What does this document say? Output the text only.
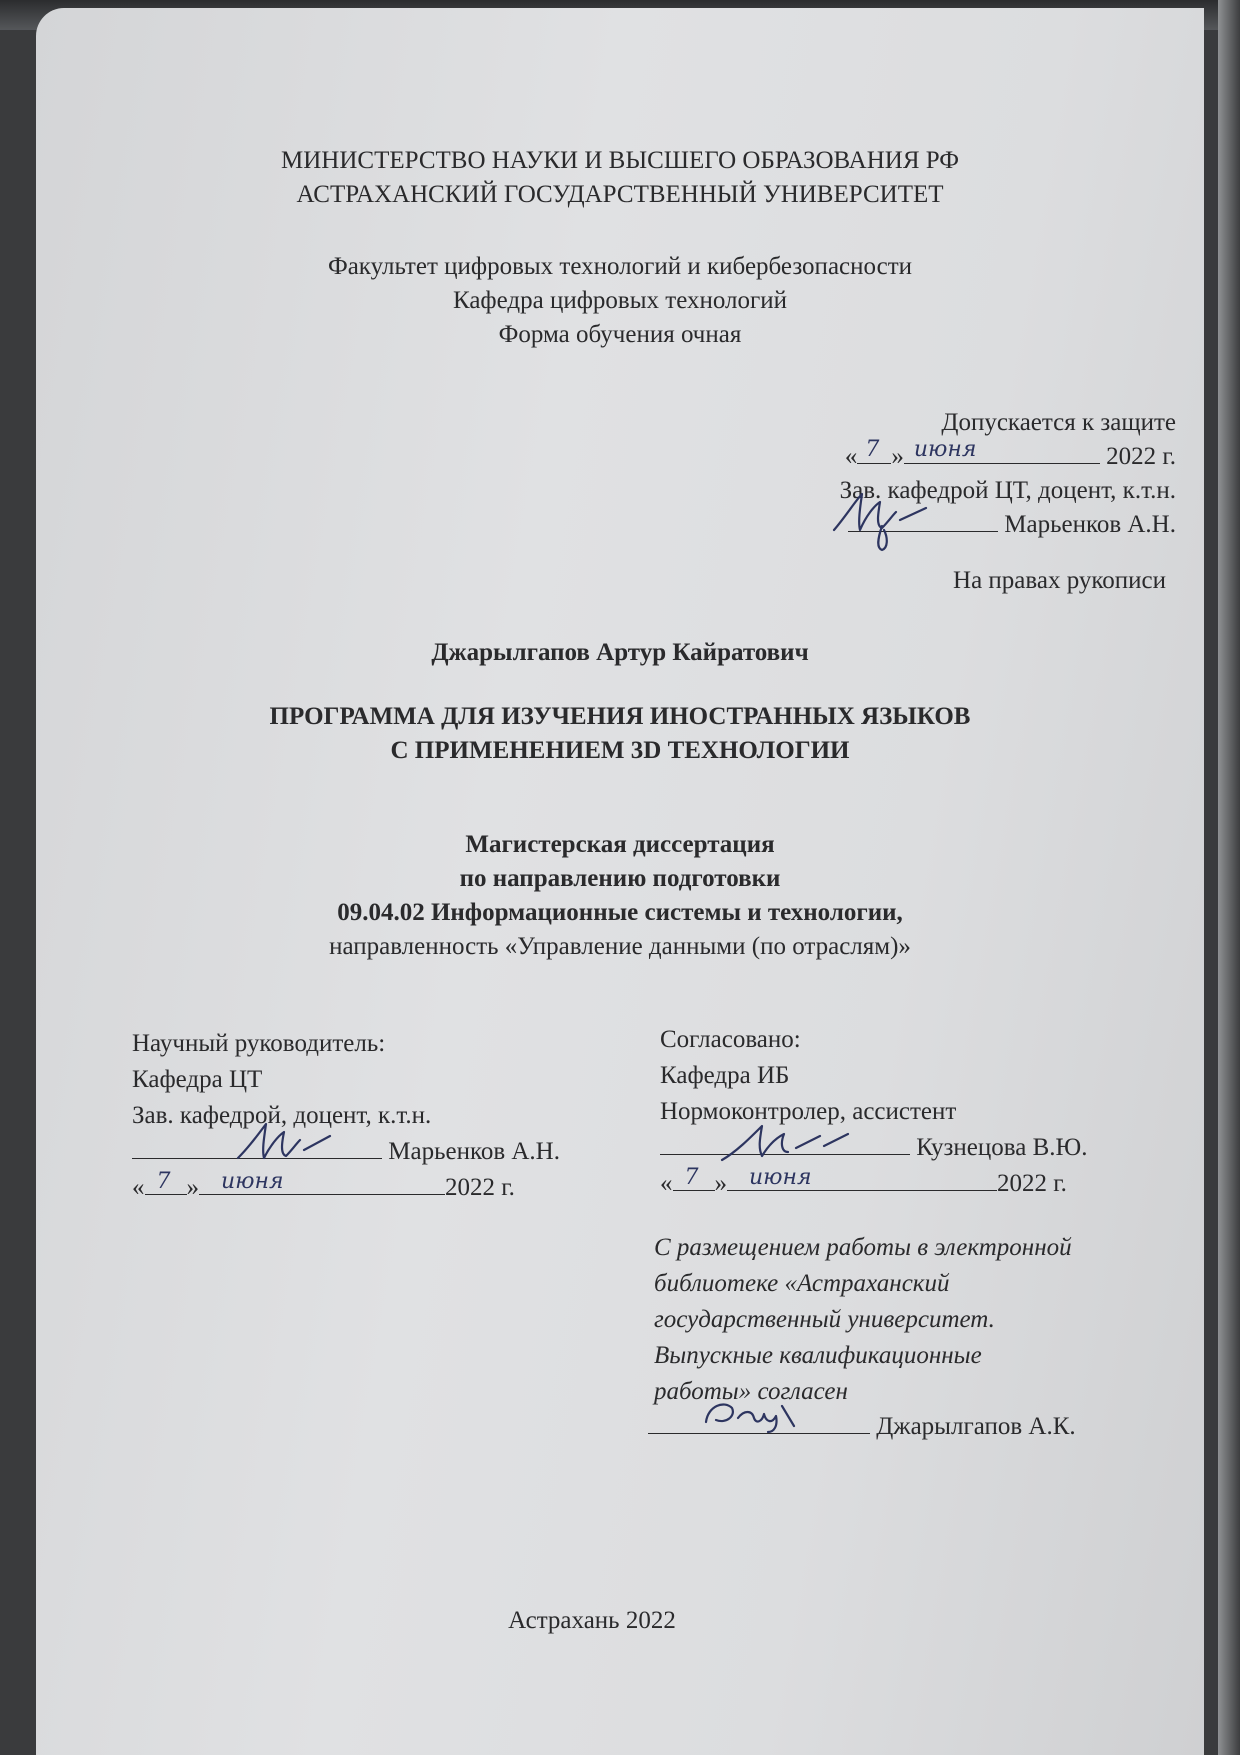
МИНИСТЕРСТВО НАУКИ И ВЫСШЕГО ОБРАЗОВАНИЯ РФ
АСТРАХАНСКИЙ ГОСУДАРСТВЕННЫЙ УНИВЕРСИТЕТ
Факультет цифровых технологий и кибербезопасности
Кафедра цифровых технологий
Форма обучения очная
Допускается к защите
« 7 » июня	2022 г.
Зав. кафедрой ЦТ, доцент, к.т.н.
Марьенков А.Н.
На правах рукописи
Джарылгапов Артур Кайратович
ПРОГРАММА ДЛЯ ИЗУЧЕНИЯ ИНОСТРАННЫХ ЯЗЫКОВ
С ПРИМЕНЕНИЕМ 3D ТЕХНОЛОГИИ
Магистерская диссертация
по направлению подготовки
09.04.02 Информационные системы и технологии,
направленность «Управление данными (по отраслям)»
Научный руководитель:
Кафедра ЦТ
Зав. кафедрой, доцент, к.т.н.
Марьенков А.Н.
« 7 » июня	2022 г.
Согласовано:
Кафедра ИБ
Нормоконтролер, ассистент
Кузнецова В.Ю.
« 7 » июня	2022 г.
С размещением работы в электронной
библиотеке «Астраханский
государственный университет.
Выпускные квалификационные
работы» согласен
Джарылгапов А.К.
Астрахань 2022
